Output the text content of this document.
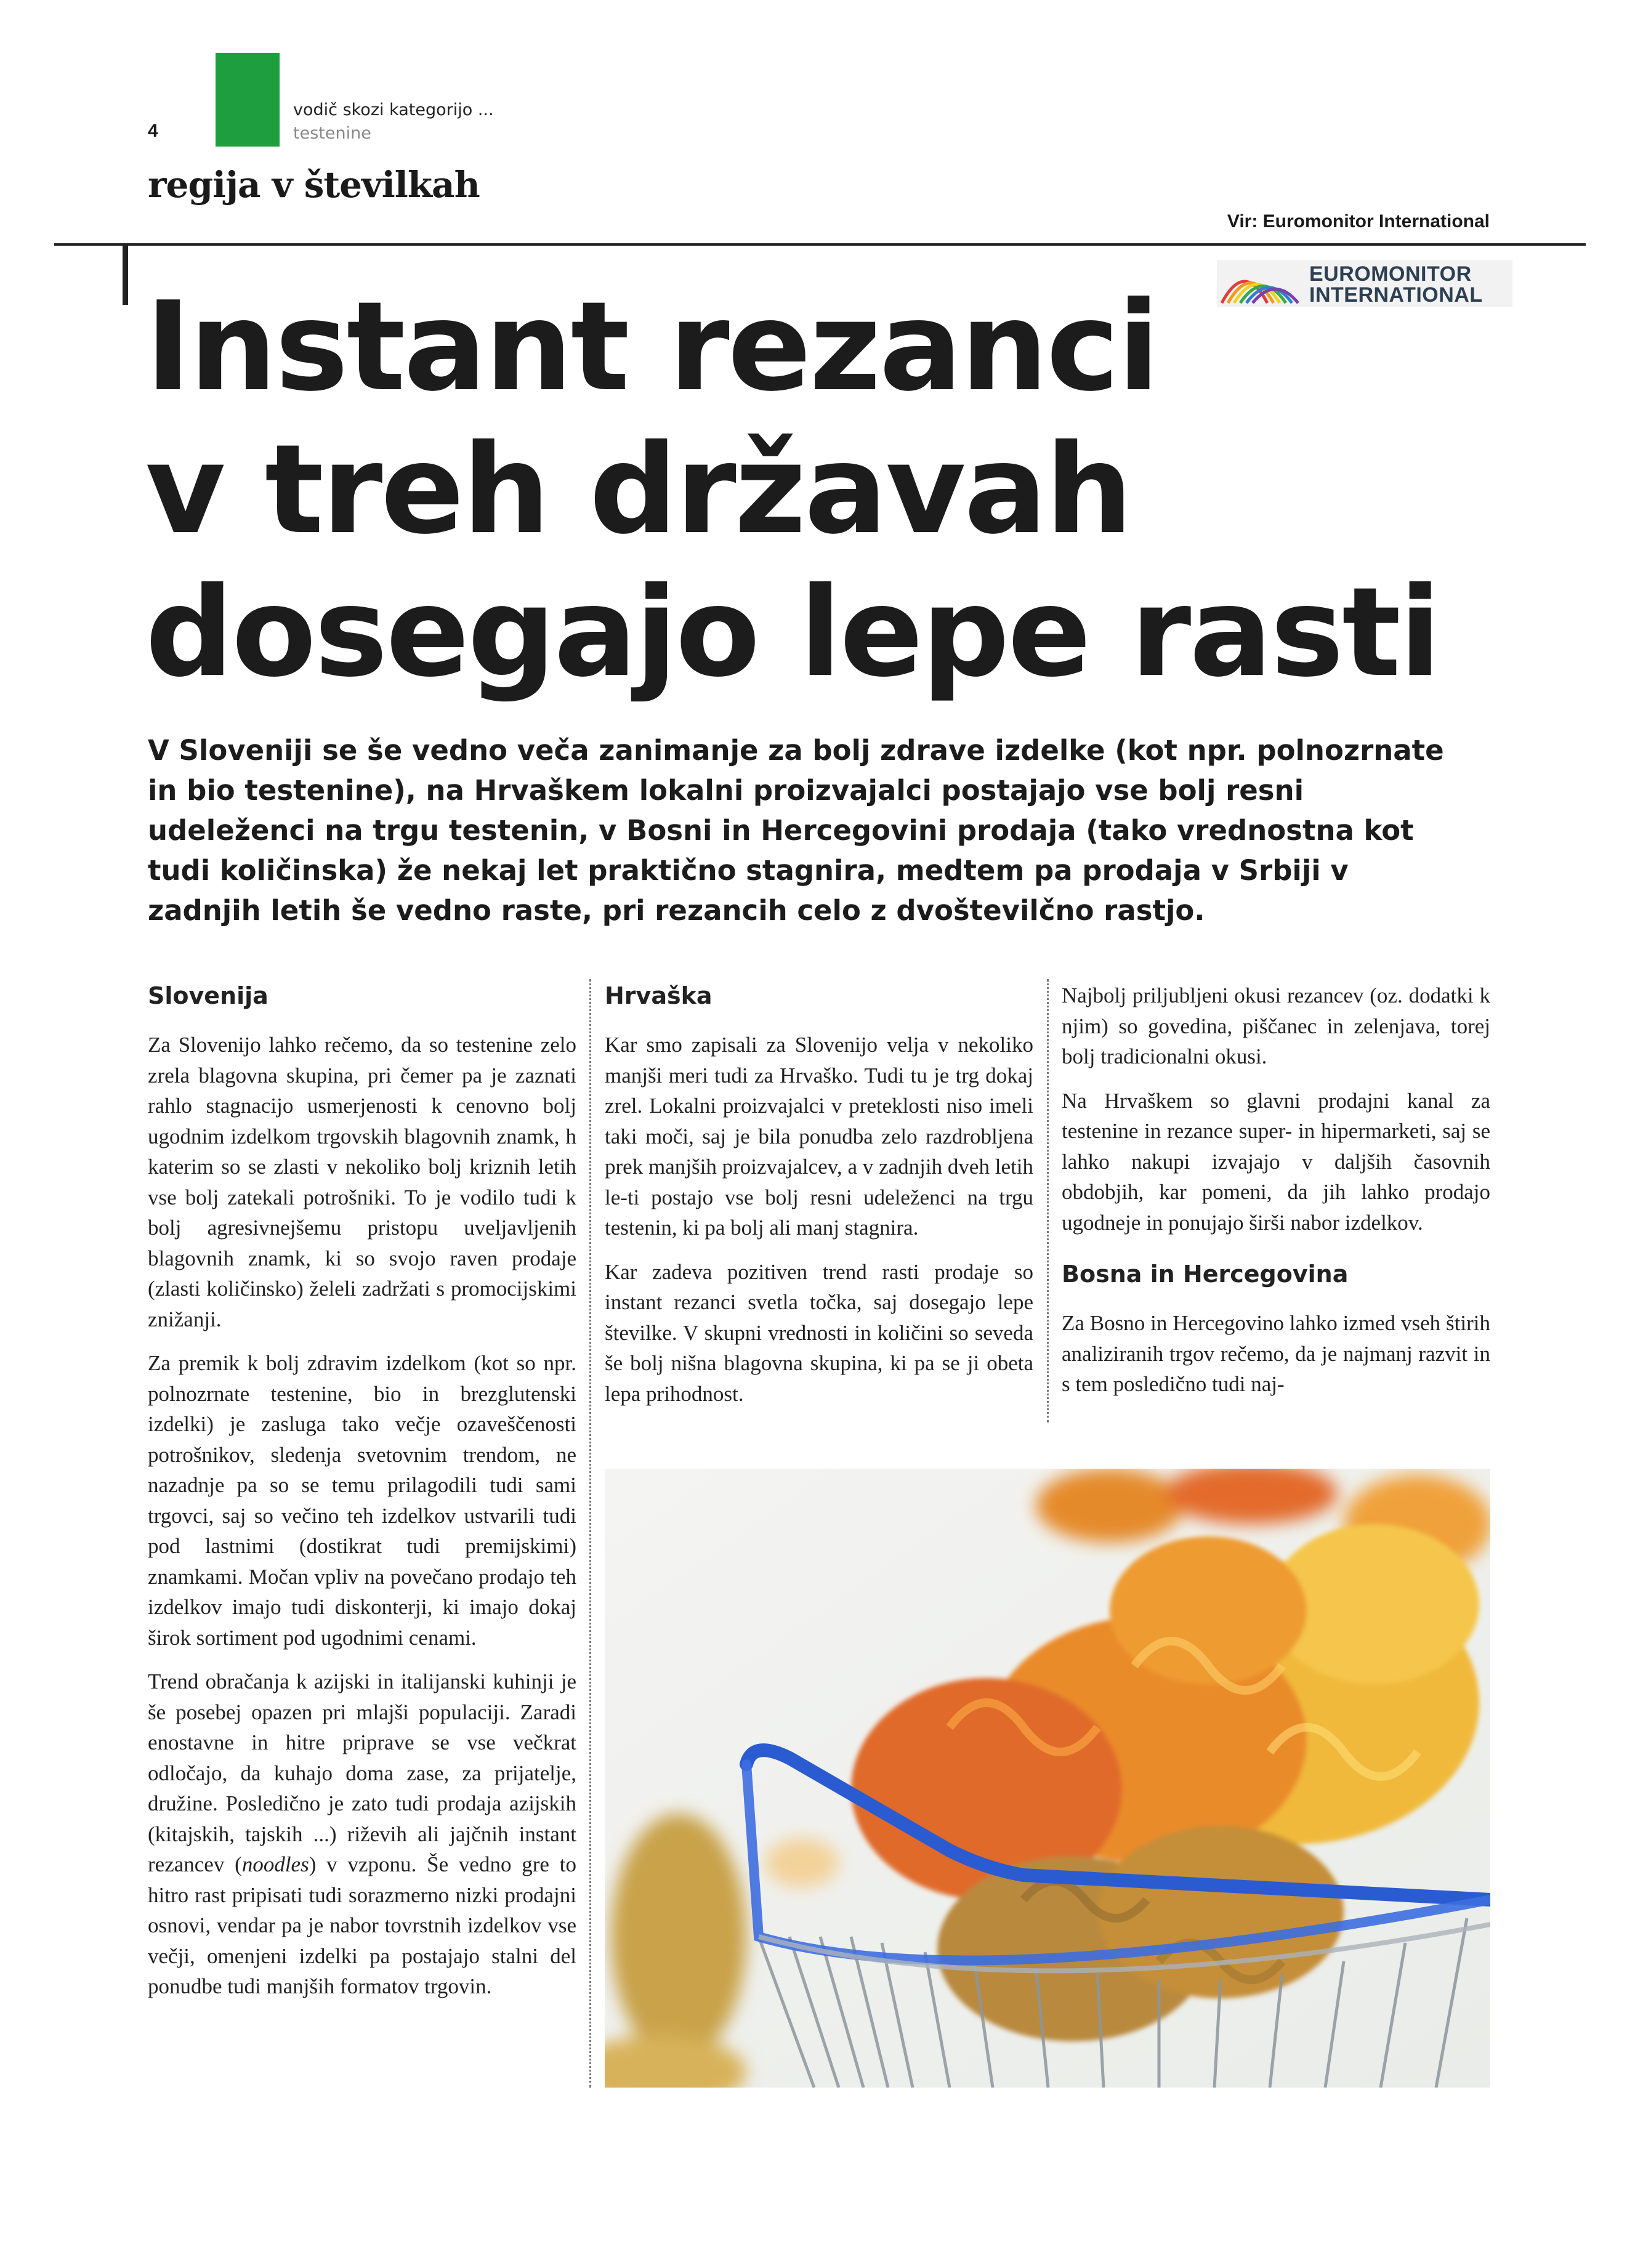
4
vodič skozi kategorijo ...
testenine
regija v številkah
Vir: Euromonitor International
EUROMONITOR
INTERNATIONAL
Instant rezanci
v treh državah
dosegajo lepe rasti
V Sloveniji se še vedno veča zanimanje za bolj zdrave izdelke (kot npr. polnozrnate in bio testenine), na Hrvaškem lokalni proizvajalci postajajo vse bolj resni udeleženci na trgu testenin, v Bosni in Hercegovini prodaja (tako vrednostna kot tudi količinska) že nekaj let praktično stagnira, medtem pa prodaja v Srbiji v zadnjih letih še vedno raste, pri rezancih celo z dvoštevilčno rastjo.
Slovenija

Za Slovenijo lahko rečemo, da so testenine zelo zrela blagovna skupina, pri čemer pa je zaznati rahlo stagnacijo usmerjenosti k cenovno bolj ugodnim izdelkom trgovskih blagovnih znamk, h katerim so se zlasti v nekoliko bolj kriznih letih vse bolj zatekali potrošniki. To je vodilo tudi k bolj agresivnejšemu pristopu uveljavljenih blagovnih znamk, ki so svojo raven prodaje (zlasti količinsko) želeli zadržati s promocijskimi znižanji.

Za premik k bolj zdravim izdelkom (kot so npr. polnozrnate testenine, bio in brezglutenski izdelki) je zasluga tako večje ozaveščenosti potrošnikov, sledenja svetovnim trendom, ne nazadnje pa so se temu prilagodili tudi sami trgovci, saj so večino teh izdelkov ustvarili tudi pod lastnimi (dostikrat tudi premijskimi) znamkami. Močan vpliv na povečano prodajo teh izdelkov imajo tudi diskonterji, ki imajo dokaj širok sortiment pod ugodnimi cenami.

Trend obračanja k azijski in italijanski kuhinji je še posebej opazen pri mlajši populaciji. Zaradi enostavne in hitre priprave se vse večkrat odločajo, da kuhajo doma zase, za prijatelje, družine. Posledično je zato tudi prodaja azijskih (kitajskih, tajskih ...) riževih ali jajčnih instant rezancev (noodles) v vzponu. Še vedno gre to hitro rast pripisati tudi sorazmerno nizki prodajni osnovi, vendar pa je nabor tovrstnih izdelkov vse večji, omenjeni izdelki pa postajajo stalni del ponudbe tudi manjših formatov trgovin.

Hrvaška

Kar smo zapisali za Slovenijo velja v nekoliko manjši meri tudi za Hrvaško. Tudi tu je trg dokaj zrel. Lokalni proizvajalci v preteklosti niso imeli taki moči, saj je bila ponudba zelo razdrobljena prek manjših proizvajalcev, a v zadnjih dveh letih le-ti postajo vse bolj resni udeleženci na trgu testenin, ki pa bolj ali manj stagnira.

Kar zadeva pozitiven trend rasti prodaje so instant rezanci svetla točka, saj dosegajo lepe številke. V skupni vrednosti in količini so seveda še bolj nišna blagovna skupina, ki pa se ji obeta lepa prihodnost.

Najbolj priljubljeni okusi rezancev (oz. dodatki k njim) so govedina, piščanec in zelenjava, torej bolj tradicionalni okusi.

Na Hrvaškem so glavni prodajni kanal za testenine in rezance super- in hipermarketi, saj se lahko nakupi izvajajo v daljših časovnih obdobjih, kar pomeni, da jih lahko prodajo ugodneje in ponujajo širši nabor izdelkov.

Bosna in Hercegovina

Za Bosno in Hercegovino lahko izmed vseh štirih analiziranih trgov rečemo, da je najmanj razvit in s tem posledično tudi naj-
